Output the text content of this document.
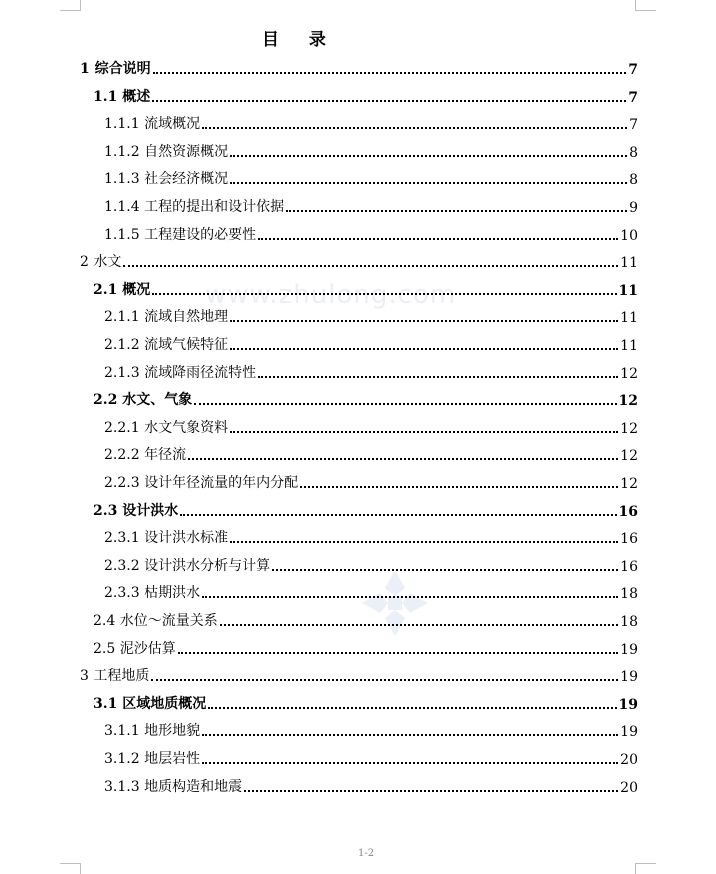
www.zhulong.com
目 录
1 综合说明	7
1.1 概述	7
1.1.1 流域概况	7
1.1.2 自然资源概况	8
1.1.3 社会经济概况	8
1.1.4 工程的提出和设计依据	9
1.1.5 工程建设的必要性	10
2 水文	11
2.1 概况	11
2.1.1 流域自然地理	11
2.1.2 流域气候特征	11
2.1.3 流域降雨径流特性	12
2.2 水文、气象	12
2.2.1 水文气象资料	12
2.2.2 年径流	12
2.2.3 设计年径流量的年内分配	12
2.3 设计洪水	16
2.3.1 设计洪水标准	16
2.3.2 设计洪水分析与计算	16
2.3.3 枯期洪水	18
2.4 水位～流量关系	18
2.5 泥沙估算	19
3 工程地质	19
3.1 区域地质概况	19
3.1.1 地形地貌	19
3.1.2 地层岩性	20
3.1.3 地质构造和地震	20
1-2
